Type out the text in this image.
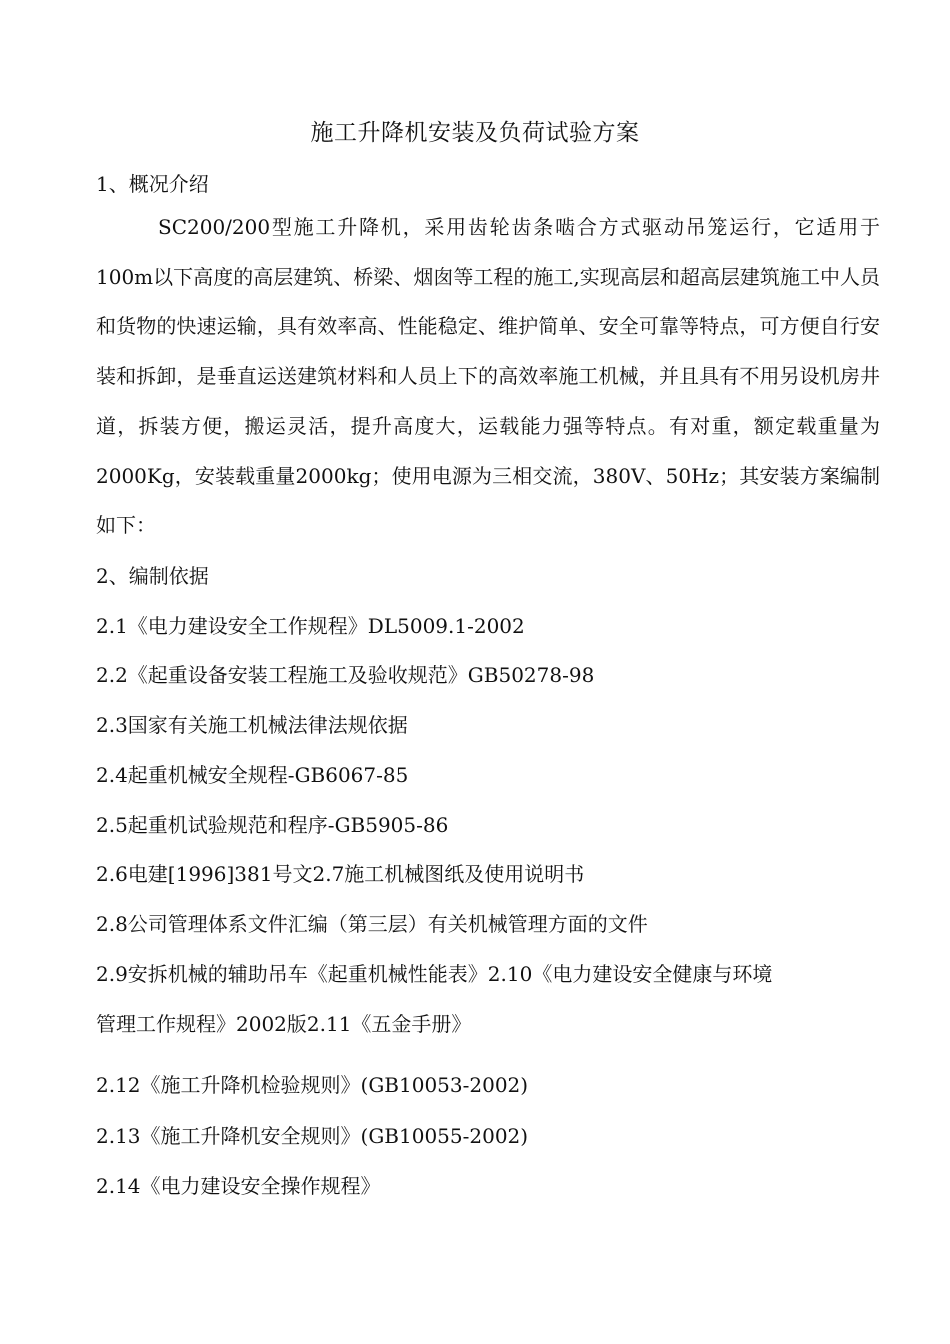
施工升降机安装及负荷试验方案
1、概况介绍
SC200/200型施工升降机，采用齿轮齿条啮合方式驱动吊笼运行，它适用于100m以下高度的高层建筑、桥梁、烟囱等工程的施工,实现高层和超高层建筑施工中人员和货物的快速运输，具有效率高、性能稳定、维护简单、安全可靠等特点，可方便自行安装和拆卸，是垂直运送建筑材料和人员上下的高效率施工机械，并且具有不用另设机房井道，拆装方便，搬运灵活，提升高度大，运载能力强等特点。有对重，额定载重量为2000Kg，安装载重量2000kg；使用电源为三相交流，380V、50Hz；其安装方案编制如下：
2、编制依据
2.1《电力建设安全工作规程》DL5009.1-2002
2.2《起重设备安装工程施工及验收规范》GB50278-98
2.3国家有关施工机械法律法规依据
2.4起重机械安全规程-GB6067-85
2.5起重机试验规范和程序-GB5905-86
2.6电建[1996]381号文2.7施工机械图纸及使用说明书
2.8公司管理体系文件汇编（第三层）有关机械管理方面的文件
2.9安拆机械的辅助吊车《起重机械性能表》2.10《电力建设安全健康与环境
管理工作规程》2002版2.11《五金手册》
2.12《施工升降机检验规则》(GB10053-2002)
2.13《施工升降机安全规则》(GB10055-2002)
2.14《电力建设安全操作规程》
